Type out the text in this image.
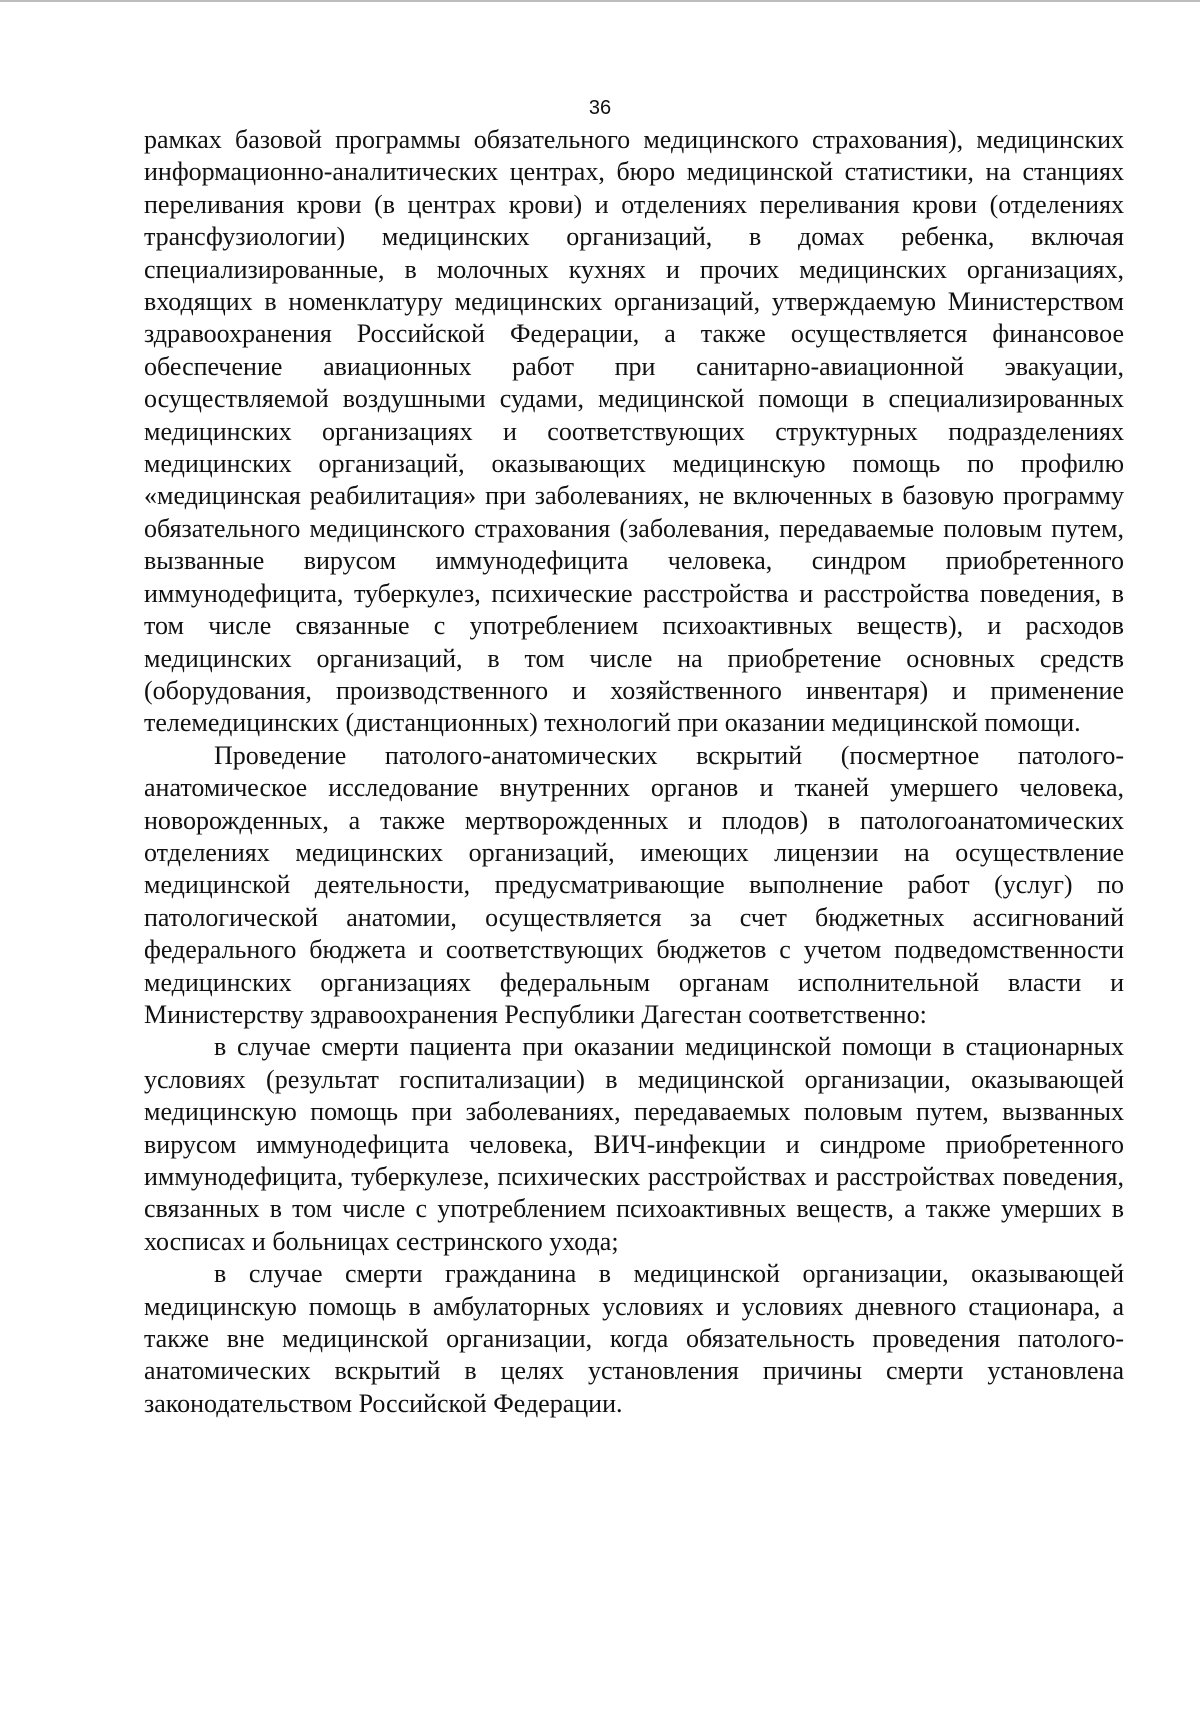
36

рамках базовой программы обязательного медицинского страхования), медицинских информационно-аналитических центрах, бюро медицинской статистики, на станциях переливания крови (в центрах крови) и отделениях переливания крови (отделениях трансфузиологии) медицинских организаций, в домах ребенка, включая специализированные, в молочных кухнях и прочих медицинских организациях, входящих в номенклатуру медицинских организаций, утверждаемую Министерством здравоохранения Российской Федерации, а также осуществляется финансовое обеспечение авиационных работ при санитарно-авиационной эвакуации, осуществляемой воздушными судами, медицинской помощи в специализированных медицинских организациях и соответствующих структурных подразделениях медицинских организаций, оказывающих медицинскую помощь по профилю «медицинская реабилитация» при заболеваниях, не включенных в базовую программу обязательного медицинского страхования (заболевания, передаваемые половым путем, вызванные вирусом иммунодефицита человека, синдром приобретенного иммунодефицита, туберкулез, психические расстройства и расстройства поведения, в том числе связанные с употреблением психоактивных веществ), и расходов медицинских организаций, в том числе на приобретение основных средств (оборудования, производственного и хозяйственного инвентаря) и применение телемедицинских (дистанционных) технологий при оказании медицинской помощи.

Проведение патолого-анатомических вскрытий (посмертное патолого-анатомическое исследование внутренних органов и тканей умершего человека, новорожденных, а также мертворожденных и плодов) в патологоанатомических отделениях медицинских организаций, имеющих лицензии на осуществление медицинской деятельности, предусматривающие выполнение работ (услуг) по патологической анатомии, осуществляется за счет бюджетных ассигнований федерального бюджета и соответствующих бюджетов с учетом подведомственности медицинских организациях федеральным органам исполнительной власти и Министерству здравоохранения Республики Дагестан соответственно:

в случае смерти пациента при оказании медицинской помощи в стационарных условиях (результат госпитализации) в медицинской организации, оказывающей медицинскую помощь при заболеваниях, передаваемых половым путем, вызванных вирусом иммунодефицита человека, ВИЧ-инфекции и синдроме приобретенного иммунодефицита, туберкулезе, психических расстройствах и расстройствах поведения, связанных в том числе с употреблением психоактивных веществ, а также умерших в хосписах и больницах сестринского ухода;

в случае смерти гражданина в медицинской организации, оказывающей медицинскую помощь в амбулаторных условиях и условиях дневного стационара, а также вне медицинской организации, когда обязательность проведения патолого-анатомических вскрытий в целях установления причины смерти установлена законодательством Российской Федерации.
